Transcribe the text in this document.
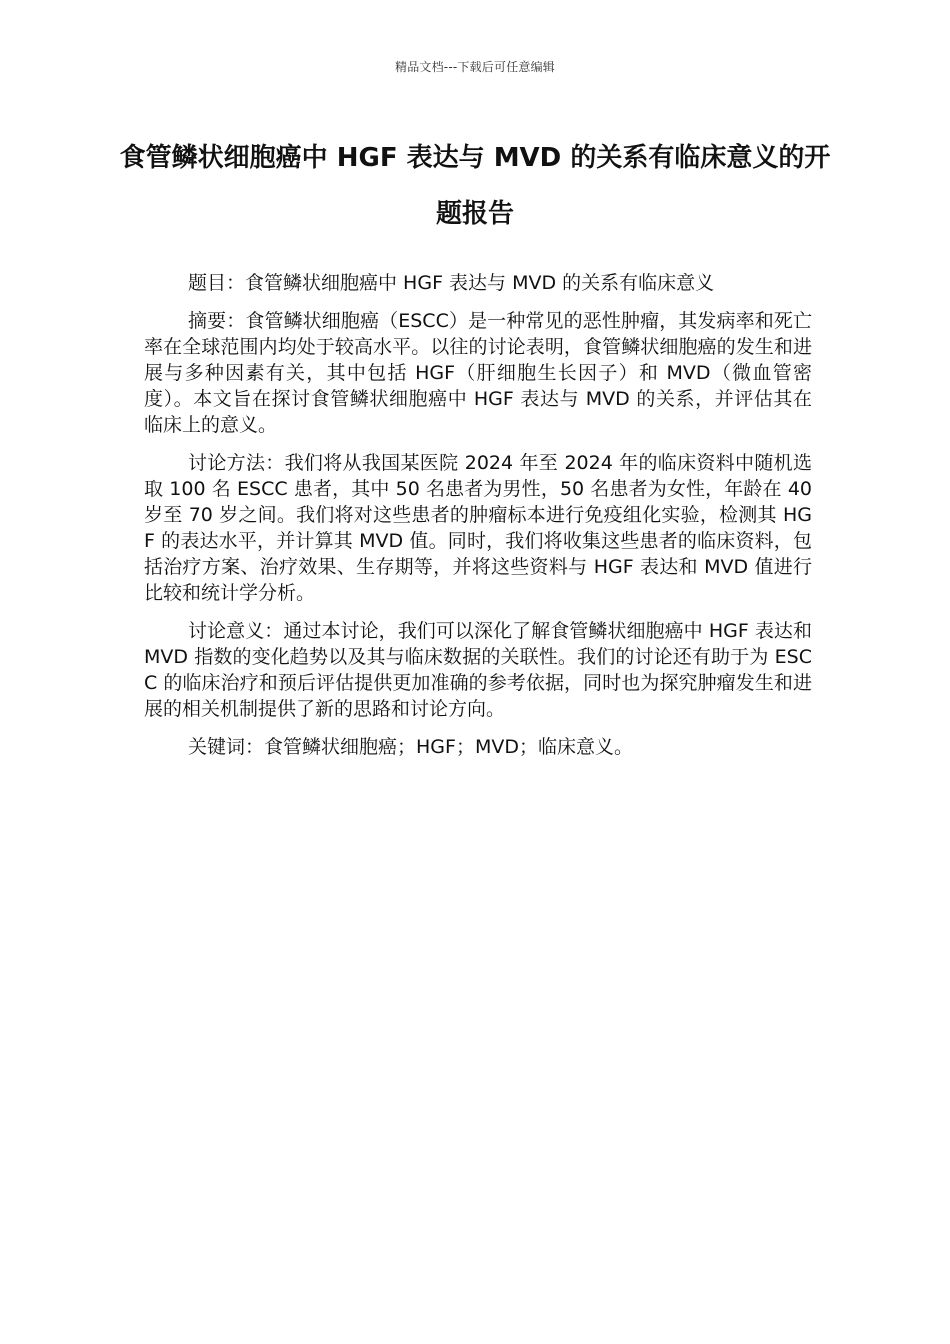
精品文档---下载后可任意编辑
食管鳞状细胞癌中 HGF 表达与 MVD 的关系有临床意义的开题报告

题目：食管鳞状细胞癌中 HGF 表达与 MVD 的关系有临床意义

摘要：食管鳞状细胞癌（ESCC）是一种常见的恶性肿瘤，其发病率和死亡率在全球范围内均处于较高水平。以往的讨论表明，食管鳞状细胞癌的发生和进展与多种因素有关，其中包括 HGF（肝细胞生长因子）和 MVD（微血管密度）。本文旨在探讨食管鳞状细胞癌中 HGF 表达与 MVD 的关系，并评估其在临床上的意义。

讨论方法：我们将从我国某医院 2024 年至 2024 年的临床资料中随机选取 100 名 ESCC 患者，其中 50 名患者为男性，50 名患者为女性，年龄在 40 岁至 70 岁之间。我们将对这些患者的肿瘤标本进行免疫组化实验，检测其 HGF 的表达水平，并计算其 MVD 值。同时，我们将收集这些患者的临床资料，包括治疗方案、治疗效果、生存期等，并将这些资料与 HGF 表达和 MVD 值进行比较和统计学分析。

讨论意义：通过本讨论，我们可以深化了解食管鳞状细胞癌中 HGF 表达和 MVD 指数的变化趋势以及其与临床数据的关联性。我们的讨论还有助于为 ESCC 的临床治疗和预后评估提供更加准确的参考依据，同时也为探究肿瘤发生和进展的相关机制提供了新的思路和讨论方向。

关键词：食管鳞状细胞癌；HGF；MVD；临床意义。
